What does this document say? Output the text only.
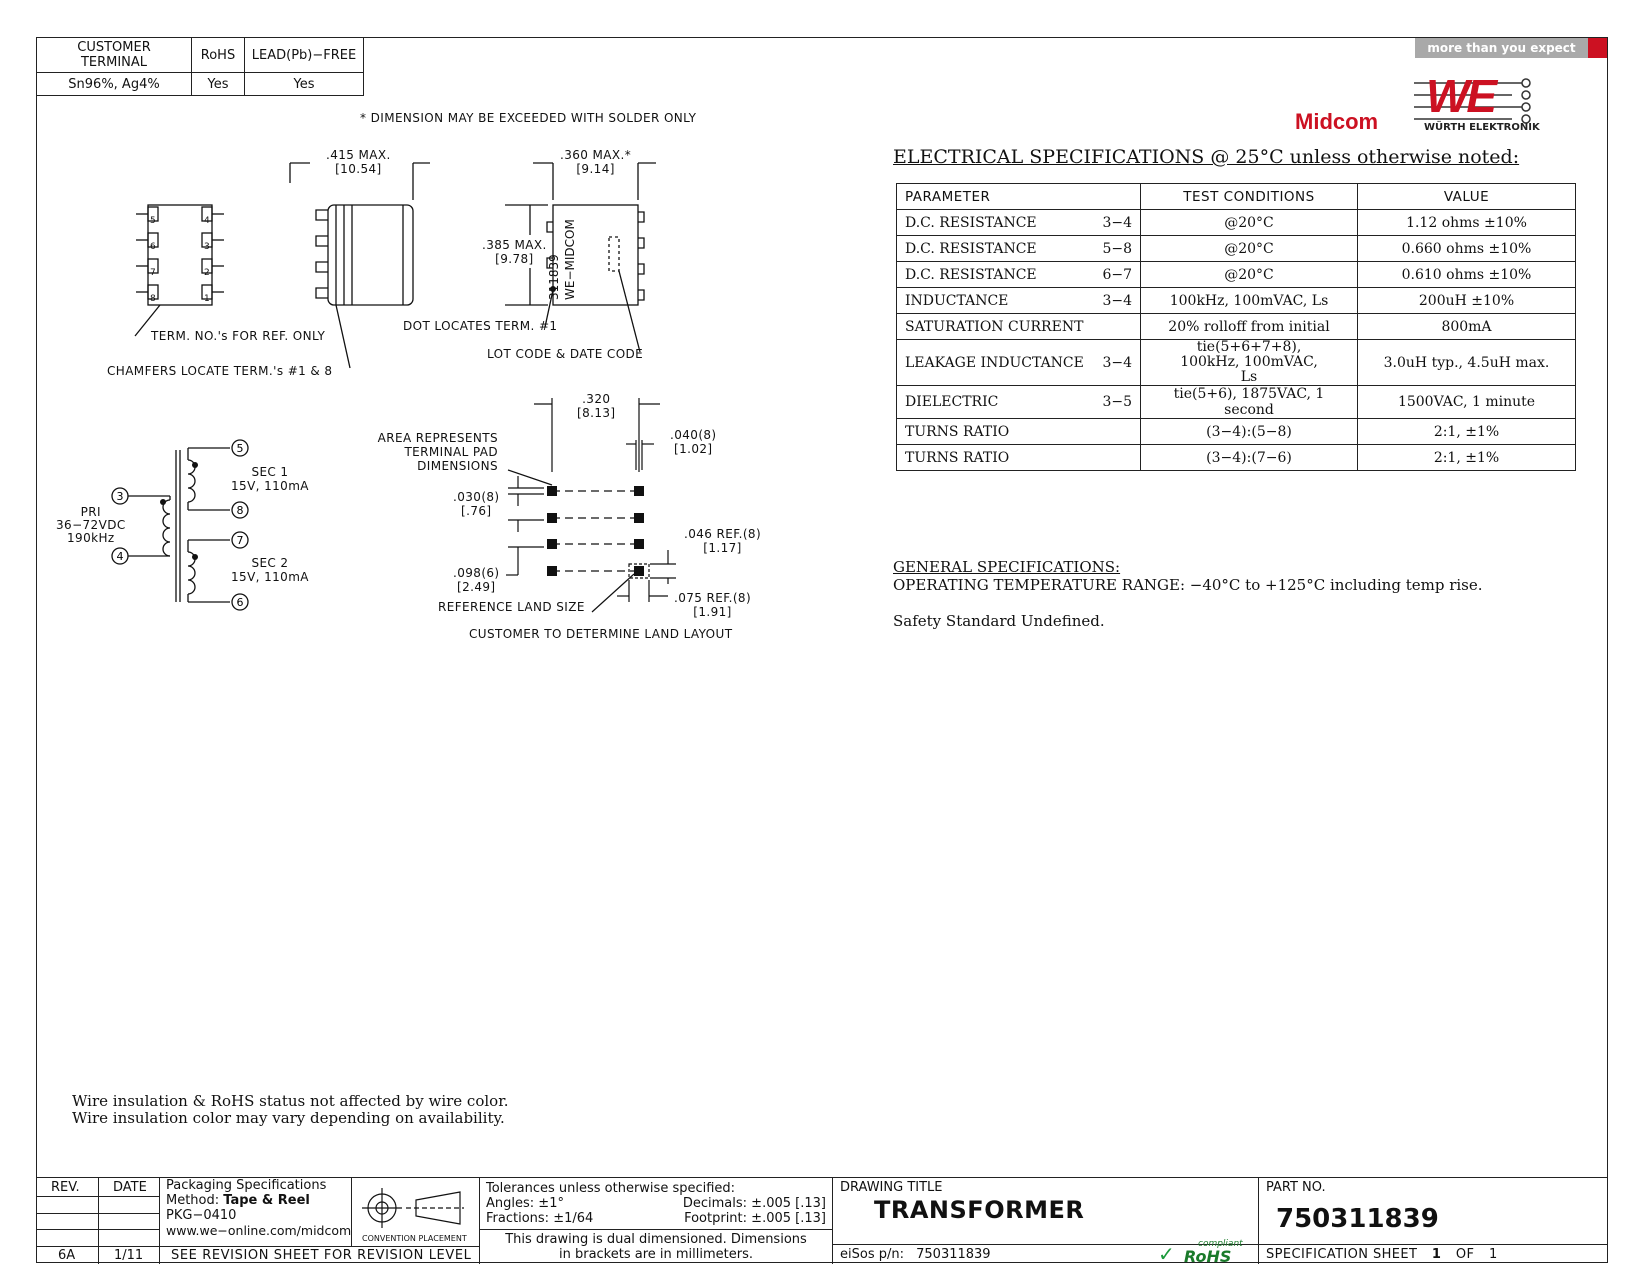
CUSTOMER TERMINAL	RoHS	LEAD(Pb)−FREE
Sn96%, Ag4%	Yes	Yes
more than you expect
Midcom WE
WÜRTH ELEKTRONIK
* DIMENSION MAY BE EXCEEDED WITH SOLDER ONLY
5
6
7
8
4
3
2
1
.415 MAX.
[10.54]
.360 MAX.*
[9.14]
.385 MAX.
[9.78]	311839 WE−MIDCOM
TERM. NO.'s FOR REF. ONLY
CHAMFERS LOCATE TERM.'s #1 & 8
DOT LOCATES TERM. #1
LOT CODE & DATE CODE
3
4
5
8
7
6
PRI
36−72VDC
190kHz
SEC 1
15V, 110mA
SEC 2
15V, 110mA
AREA REPRESENTS
TERMINAL PAD DIMENSIONS
.320
[8.13]
.040(8)
[1.02]
.030(8)
[.76]
.098(6)
[2.49]
.046 REF.(8)
[1.17]
.075 REF.(8)
[1.91]
REFERENCE LAND SIZE
CUSTOMER TO DETERMINE LAND LAYOUT
ELECTRICAL SPECIFICATIONS @ 25°C unless otherwise noted:
PARAMETER	TEST CONDITIONS	VALUE

D.C. RESISTANCE 3−4	@20°C	1.12 ohms ±10%

D.C. RESISTANCE 5−8	@20°C	0.660 ohms ±10%

D.C. RESISTANCE 6−7	@20°C	0.610 ohms ±10%

INDUCTANCE 3−4	100kHz, 100mVAC, Ls	200uH ±10%

SATURATION CURRENT	20% rolloff from initial	800mA

LEAKAGE INDUCTANCE 3−4	tie(5+6+7+8), 100kHz, 100mVAC, Ls	3.0uH typ., 4.5uH max.

DIELECTRIC 3−5	tie(5+6), 1875VAC, 1 second	1500VAC, 1 minute

TURNS RATIO	(3−4):(5−8)	2:1, ±1%

TURNS RATIO	(3−4):(7−6)	2:1, ±1%
GENERAL SPECIFICATIONS:
OPERATING TEMPERATURE RANGE: −40°C to +125°C including temp rise.
Safety Standard Undefined.
Wire insulation & RoHS status not affected by wire color.
Wire insulation color may vary depending on availability.
REV.	DATE
6A	1/11
Packaging Specifications
Method: Tape & Reel
PKG−0410
www.we−online.com/midcom
SEE REVISION SHEET FOR REVISION LEVEL
CONVENTION PLACEMENT
Tolerances unless otherwise specified:
Angles: ±1°	Decimals: ±.005 [.13]
Fractions: ±1/64	Footprint: ±.005 [.13]
This drawing is dual dimensioned. Dimensions
in brackets are in millimeters.
DRAWING TITLE
TRANSFORMER
eiSos p/n: 750311839	✓	compliant
RoHS
PART NO.
750311839
SPECIFICATION SHEET 1 OF 1
